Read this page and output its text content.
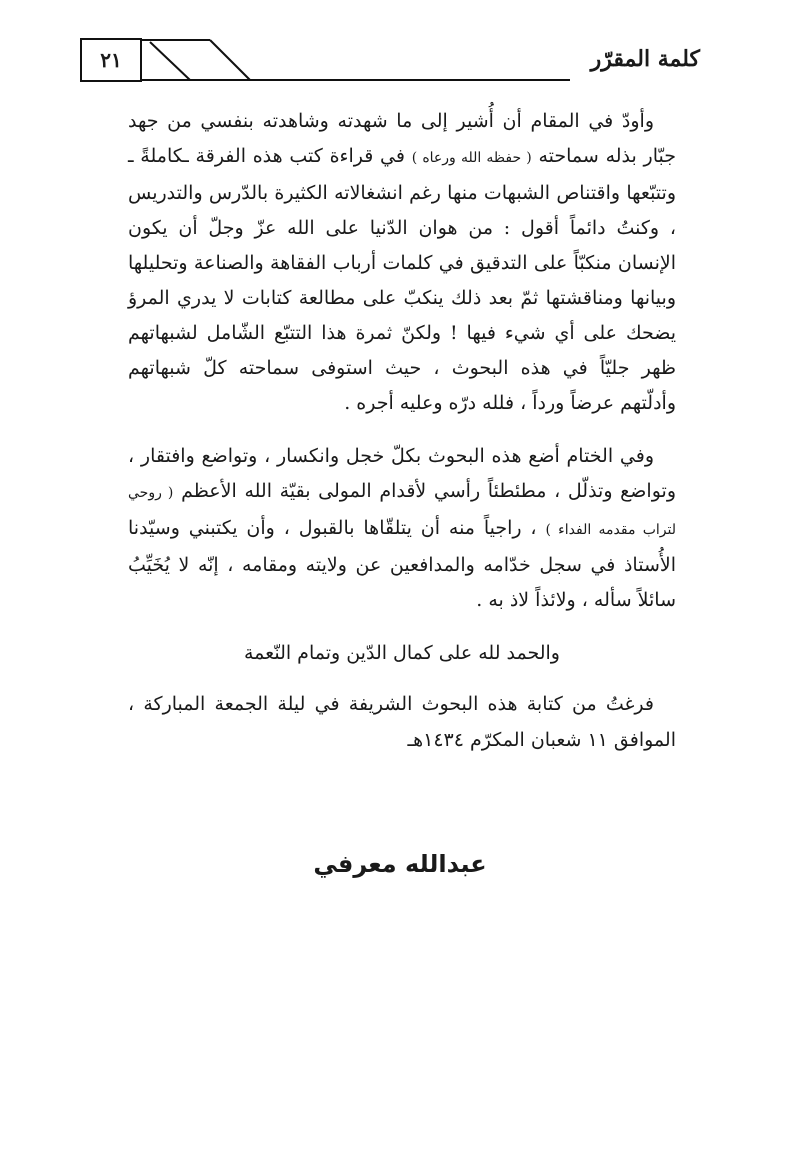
٢١	كلمة المقرّر

وأودّ في المقام أن أُشير إلى ما شهدته وشاهدته بنفسي من جهد جبّار بذله سماحته ( حفظه الله ورعاه ) في قراءة كتب هذه الفرقة ـكاملةً ـ وتتبّعها واقتناص الشبهات منها رغم انشغالاته الكثيرة بالدّرس والتدريس ، وكنتُ دائماً أقول : من هوان الدّنيا على الله عزّ وجلّ أن يكون الإنسان منكبّاً على التدقيق في كلمات أرباب الفقاهة والصناعة وتحليلها وبيانها ومناقشتها ثمّ بعد ذلك ينكبّ على مطالعة كتابات لا يدري المرؤ يضحك على أي شيء فيها ! ولكنّ ثمرة هذا التتبّع الشّامل لشبهاتهم ظهر جليّاً في هذه البحوث ، حيث استوفى سماحته كلّ شبهاتهم وأدلّتهم عرضاً ورداً ، فلله درّه وعليه أجره .

وفي الختام أضع هذه البحوث بكلّ خجل وانكسار ، وتواضع وافتقار ، وتواضع وتذلّل ، مطئطئاً رأسي لأقدام المولى بقيّة الله الأعظم ( روحي لتراب مقدمه الفداء ) ، راجياً منه أن يتلقّاها بالقبول ، وأن يكتبني وسيّدنا الأُستاذ في سجل خدّامه والمدافعين عن ولايته ومقامه ، إنّه لا يُخَيِّبُ سائلاً سأله ، ولائذاً لاذ به .

والحمد لله على كمال الدّين وتمام النّعمة

فرغتُ من كتابة هذه البحوث الشريفة في ليلة الجمعة المباركة ، الموافق ١١ شعبان المكرّم ١٤٣٤هـ

عبدالله معرفي
